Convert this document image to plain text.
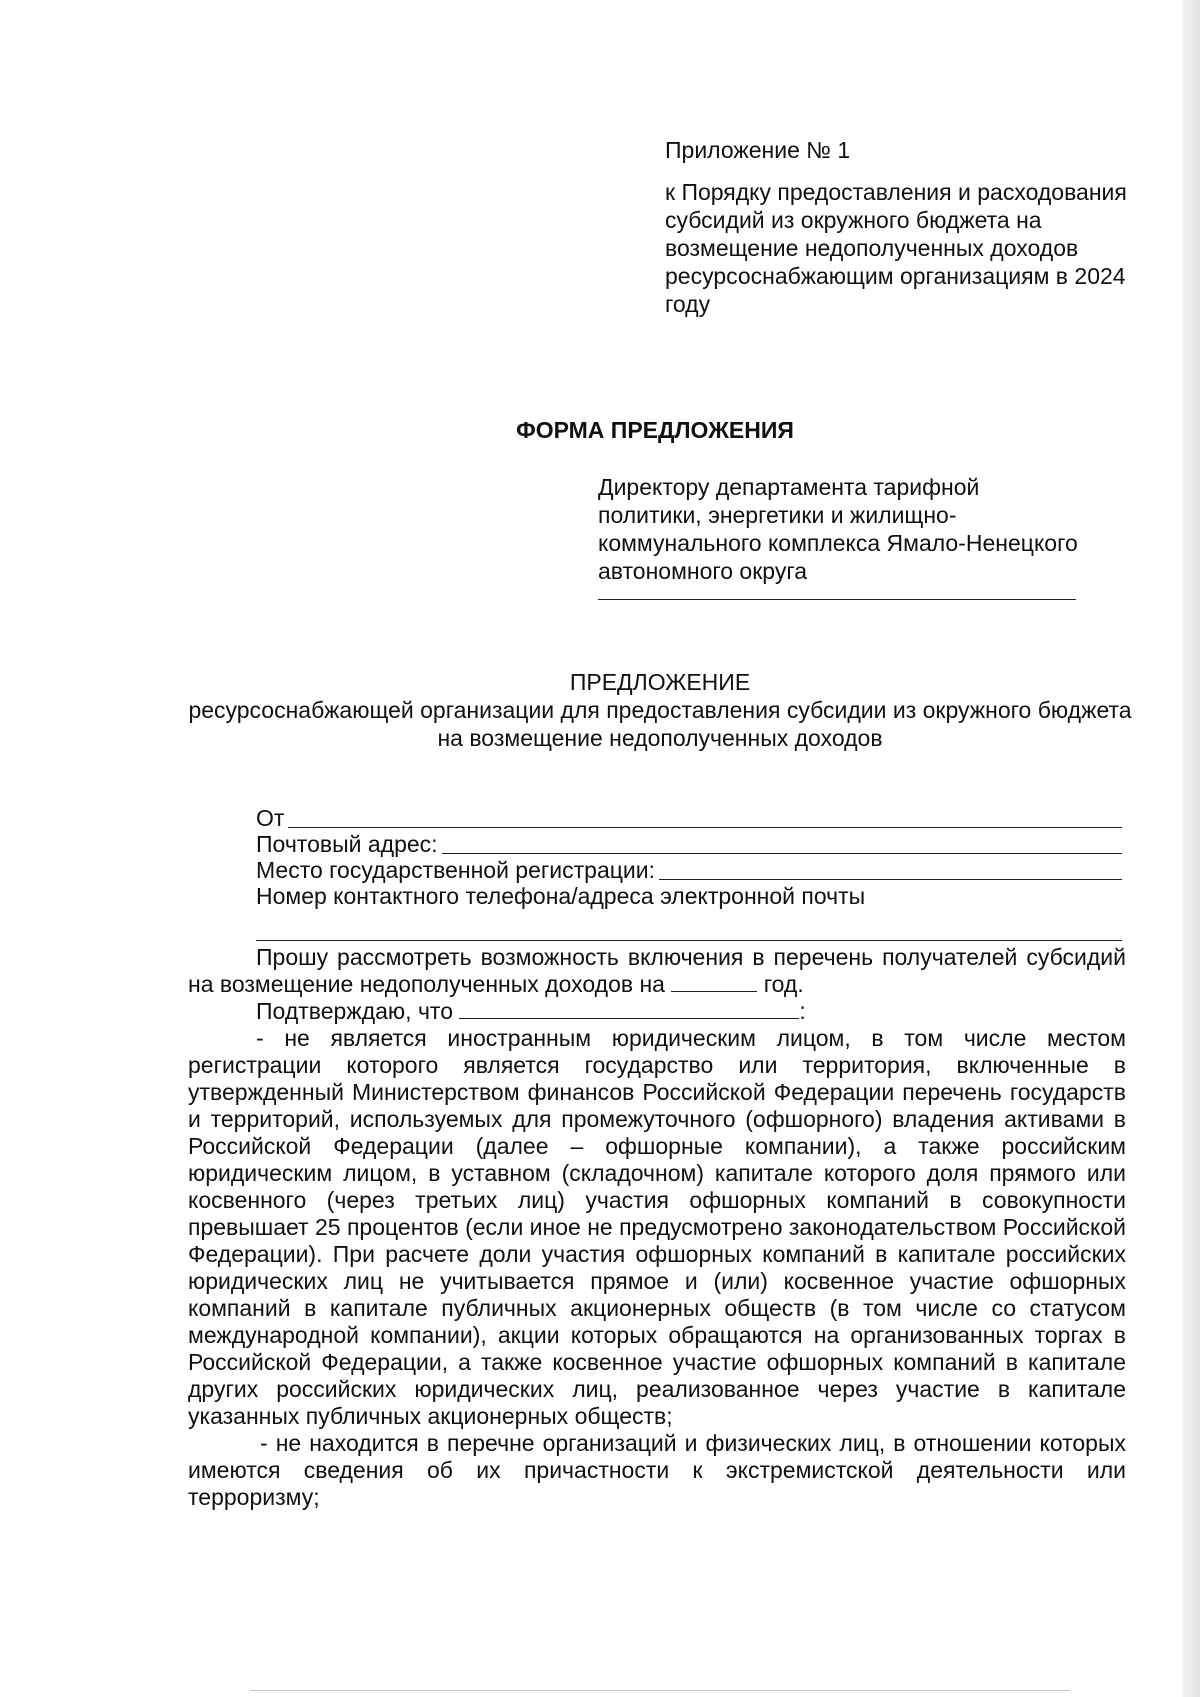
Приложение № 1

к Порядку предоставления и расходования субсидий из окружного бюджета на возмещение недополученных доходов ресурсоснабжающим организациям в 2024 году

ФОРМА ПРЕДЛОЖЕНИЯ
Директору департамента тарифной политики, энергетики и жилищно-коммунального комплекса Ямало-Ненецкого автономного округа
ПРЕДЛОЖЕНИЕ
ресурсоснабжающей организации для предоставления субсидии из окружного бюджета на возмещение недополученных доходов
От
Почтовый адрес:
Место государственной регистрации:
Номер контактного телефона/адреса электронной почты

Прошу рассмотреть возможность включения в перечень получателей субсидий на возмещение недополученных доходов на	год.

Подтверждаю, что	:

- не является иностранным юридическим лицом, в том числе местом регистрации которого является государство или территория, включенные в утвержденный Министерством финансов Российской Федерации перечень государств и территорий, используемых для промежуточного (офшорного) владения активами в Российской Федерации (далее – офшорные компании), а также российским юридическим лицом, в уставном (складочном) капитале которого доля прямого или косвенного (через третьих лиц) участия офшорных компаний в совокупности превышает 25 процентов (если иное не предусмотрено законодательством Российской Федерации). При расчете доли участия офшорных компаний в капитале российских юридических лиц не учитывается прямое и (или) косвенное участие офшорных компаний в капитале публичных акционерных обществ (в том числе со статусом международной компании), акции которых обращаются на организованных торгах в Российской Федерации, а также косвенное участие офшорных компаний в капитале других российских юридических лиц, реализованное через участие в капитале указанных публичных акционерных обществ;

- не находится в перечне организаций и физических лиц, в отношении которых имеются сведения об их причастности к экстремистской деятельности или терроризму;
